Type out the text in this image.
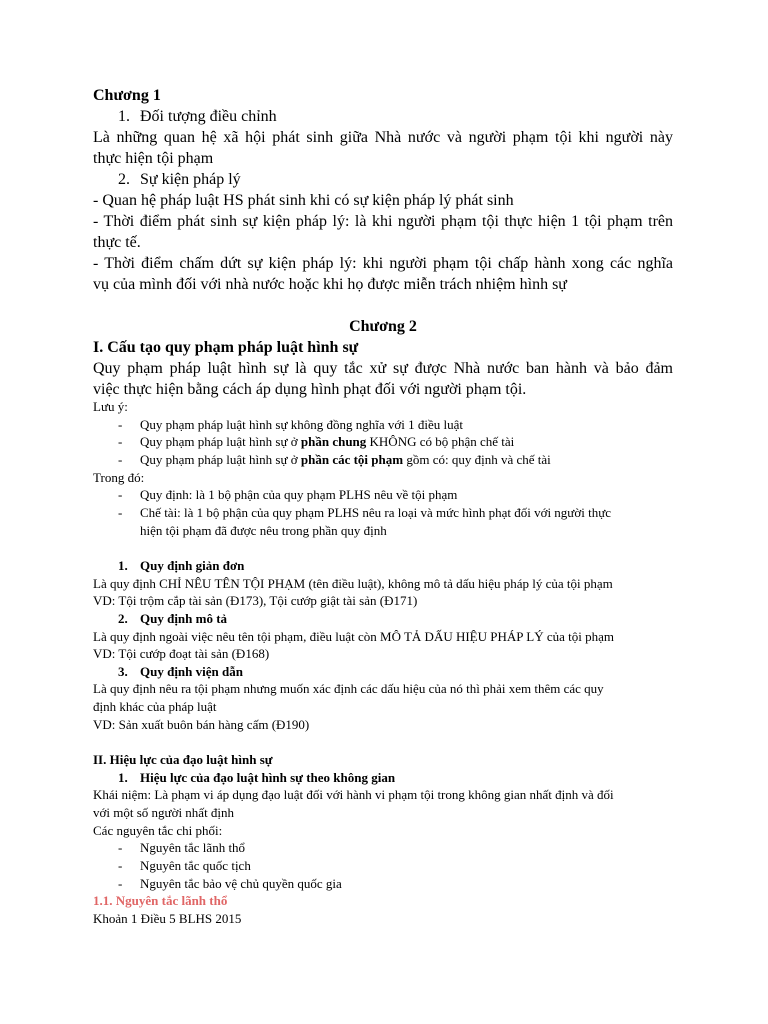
Chương 1
1. Đối tượng điều chỉnh
Là những quan hệ xã hội phát sinh giữa Nhà nước và người phạm tội khi người này
thực hiện tội phạm
2. Sự kiện pháp lý
- Quan hệ pháp luật HS phát sinh khi có sự kiện pháp lý phát sinh
- Thời điểm phát sinh sự kiện pháp lý: là khi người phạm tội thực hiện 1 tội phạm trên
thực tế.
- Thời điểm chấm dứt sự kiện pháp lý: khi người phạm tội chấp hành xong các nghĩa
vụ của mình đối với nhà nước hoặc khi họ được miễn trách nhiệm hình sự
Chương 2
I. Cấu tạo quy phạm pháp luật hình sự
Quy phạm pháp luật hình sự là quy tắc xử sự được Nhà nước ban hành và bảo đảm
việc thực hiện bằng cách áp dụng hình phạt đối với người phạm tội.
Lưu ý:
- Quy phạm pháp luật hình sự không đồng nghĩa với 1 điều luật
- Quy phạm pháp luật hình sự ở phần chung KHÔNG có bộ phận chế tài
- Quy phạm pháp luật hình sự ở phần các tội phạm gồm có: quy định và chế tài
Trong đó:
- Quy định: là 1 bộ phận của quy phạm PLHS nêu về tội phạm
- Chế tài: là 1 bộ phận của quy phạm PLHS nêu ra loại và mức hình phạt đối với người thực
hiện tội phạm đã được nêu trong phần quy định
1. Quy định giản đơn
Là quy định CHỈ NÊU TÊN TỘI PHẠM (tên điều luật), không mô tả dấu hiệu pháp lý của tội phạm
VD: Tội trộm cắp tài sản (Đ173), Tội cướp giật tài sản (Đ171)
2. Quy định mô tả
Là quy định ngoài việc nêu tên tội phạm, điều luật còn MÔ TẢ DẤU HIỆU PHÁP LÝ của tội phạm
VD: Tội cướp đoạt tài sản (Đ168)
3. Quy định viện dẫn
Là quy định nêu ra tội phạm nhưng muốn xác định các dấu hiệu của nó thì phải xem thêm các quy
định khác của pháp luật
VD: Sản xuất buôn bán hàng cấm (Đ190)
II. Hiệu lực của đạo luật hình sự
1. Hiệu lực của đạo luật hình sự theo không gian
Khái niệm: Là phạm vi áp dụng đạo luật đối với hành vi phạm tội trong không gian nhất định và đối
với một số người nhất định
Các nguyên tắc chi phối:
- Nguyên tắc lãnh thổ
- Nguyên tắc quốc tịch
- Nguyên tắc bảo vệ chủ quyền quốc gia
1.1. Nguyên tắc lãnh thổ
Khoản 1 Điều 5 BLHS 2015
